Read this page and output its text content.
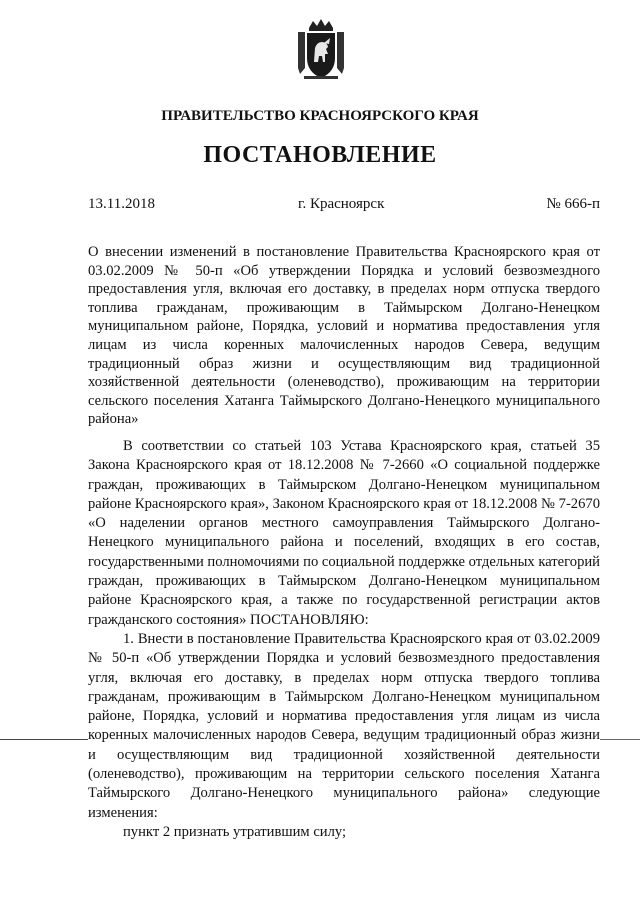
ПРАВИТЕЛЬСТВО КРАСНОЯРСКОГО КРАЯ
ПОСТАНОВЛЕНИЕ
13.11.2018	г. Красноярск	№ 666-п
О внесении изменений в постановление Правительства Красноярского края от 03.02.2009 № 50-п «Об утверждении Порядка и условий безвозмездного предоставления угля, включая его доставку, в пределах норм отпуска твердого топлива гражданам, проживающим в Таймырском Долгано-Ненецком муниципальном районе, Порядка, условий и норматива предоставления угля лицам из числа коренных малочисленных народов Севера, ведущим традиционный образ жизни и осуществляющим вид традиционной хозяйственной деятельности (оленеводство), проживающим на территории сельского поселения Хатанга Таймырского Долгано-Ненецкого муниципального района»

В соответствии со статьей 103 Устава Красноярского края, статьей 35 Закона Красноярского края от 18.12.2008 № 7-2660 «О социальной поддержке граждан, проживающих в Таймырском Долгано-Ненецком муниципальном районе Красноярского края», Законом Красноярского края от 18.12.2008 № 7-2670 «О наделении органов местного самоуправления Таймырского Долгано-Ненецкого муниципального района и поселений, входящих в его состав, государственными полномочиями по социальной поддержке отдельных категорий граждан, проживающих в Таймырском Долгано-Ненецком муниципальном районе Красноярского края, а также по государственной регистрации актов гражданского состояния» ПОСТАНОВЛЯЮ:

1. Внести в постановление Правительства Красноярского края от 03.02.2009 № 50-п «Об утверждении Порядка и условий безвозмездного предоставления угля, включая его доставку, в пределах норм отпуска твердого топлива гражданам, проживающим в Таймырском Долгано-Ненецком муниципальном районе, Порядка, условий и норматива предоставления угля лицам из числа коренных малочисленных народов Севера, ведущим традиционный образ жизни и осуществляющим вид традиционной хозяйственной деятельности (оленеводство), проживающим на территории сельского поселения Хатанга Таймырского Долгано-Ненецкого муниципального района» следующие изменения:

пункт 2 признать утратившим силу;
